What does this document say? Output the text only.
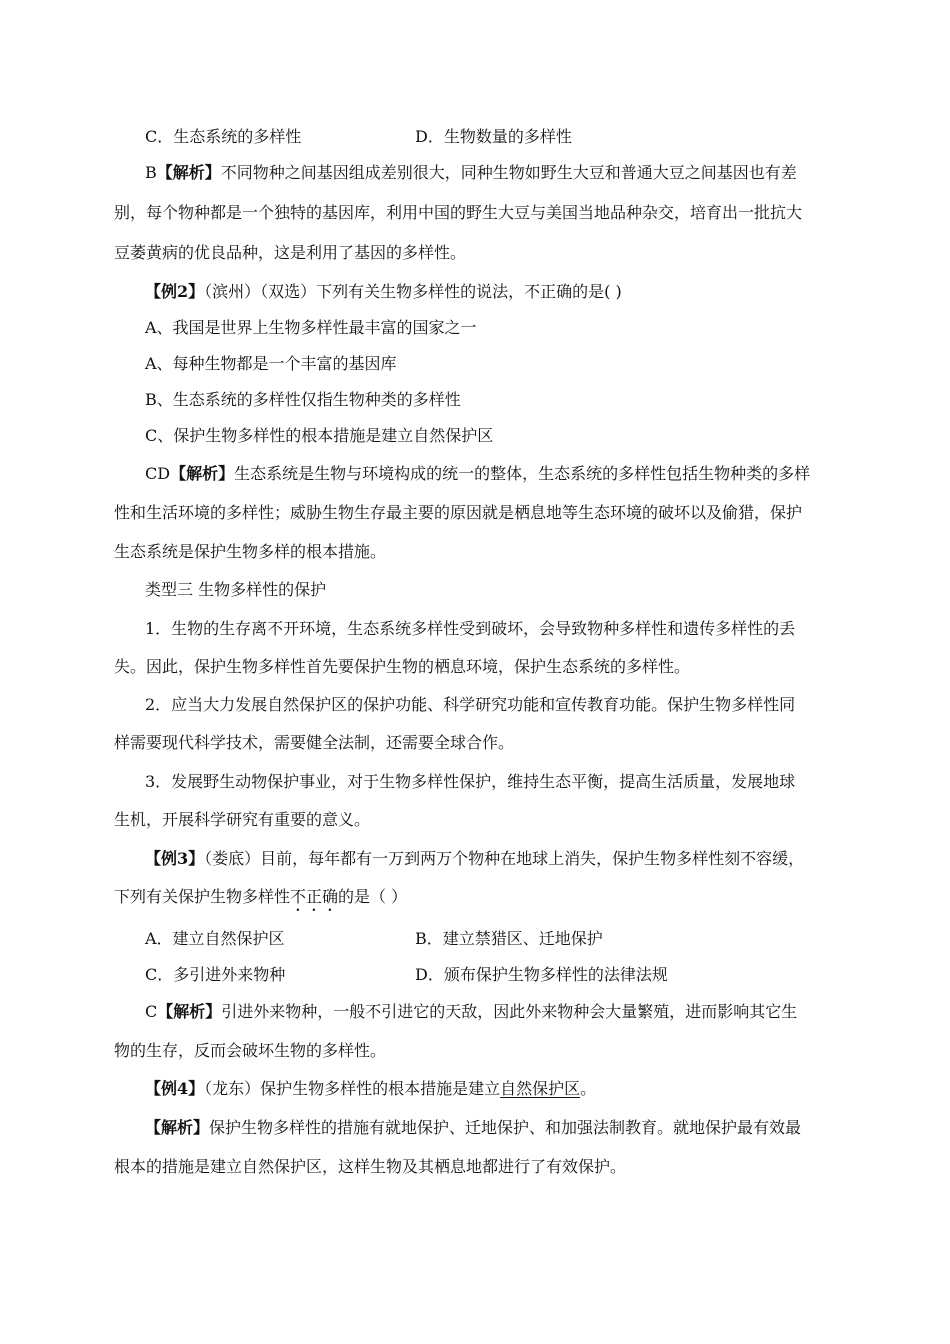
C．生态系统的多样性	D．生物数量的多样性
B【解析】不同物种之间基因组成差别很大，同种生物如野生大豆和普通大豆之间基因也有差
别，每个物种都是一个独特的基因库，利用中国的野生大豆与美国当地品种杂交，培育出一批抗大
豆萎黄病的优良品种，这是利用了基因的多样性。
【例2】（滨州）（双选）下列有关生物多样性的说法，不正确的是( )
A、我国是世界上生物多样性最丰富的国家之一
A、每种生物都是一个丰富的基因库
B、生态系统的多样性仅指生物种类的多样性
C、保护生物多样性的根本措施是建立自然保护区
CD【解析】生态系统是生物与环境构成的统一的整体，生态系统的多样性包括生物种类的多样
性和生活环境的多样性；威胁生物生存最主要的原因就是栖息地等生态环境的破坏以及偷猎，保护
生态系统是保护生物多样的根本措施。
类型三 生物多样性的保护
1．生物的生存离不开环境，生态系统多样性受到破坏，会导致物种多样性和遗传多样性的丢
失。因此，保护生物多样性首先要保护生物的栖息环境，保护生态系统的多样性。
2．应当大力发展自然保护区的保护功能、科学研究功能和宣传教育功能。保护生物多样性同
样需要现代科学技术，需要健全法制，还需要全球合作。
3．发展野生动物保护事业，对于生物多样性保护，维持生态平衡，提高生活质量，发展地球
生机，开展科学研究有重要的意义。
【例3】（娄底）目前，每年都有一万到两万个物种在地球上消失，保护生物多样性刻不容缓，
下列有关保护生物多样性不正确的是（ ）
A．建立自然保护区	B．建立禁猎区、迁地保护
C．多引进外来物种	D．颁布保护生物多样性的法律法规
C【解析】引进外来物种，一般不引进它的天敌，因此外来物种会大量繁殖，进而影响其它生
物的生存，反而会破坏生物的多样性。
【例4】（龙东）保护生物多样性的根本措施是建立自然保护区。
【解析】保护生物多样性的措施有就地保护、迁地保护、和加强法制教育。就地保护最有效最
根本的措施是建立自然保护区，这样生物及其栖息地都进行了有效保护。
